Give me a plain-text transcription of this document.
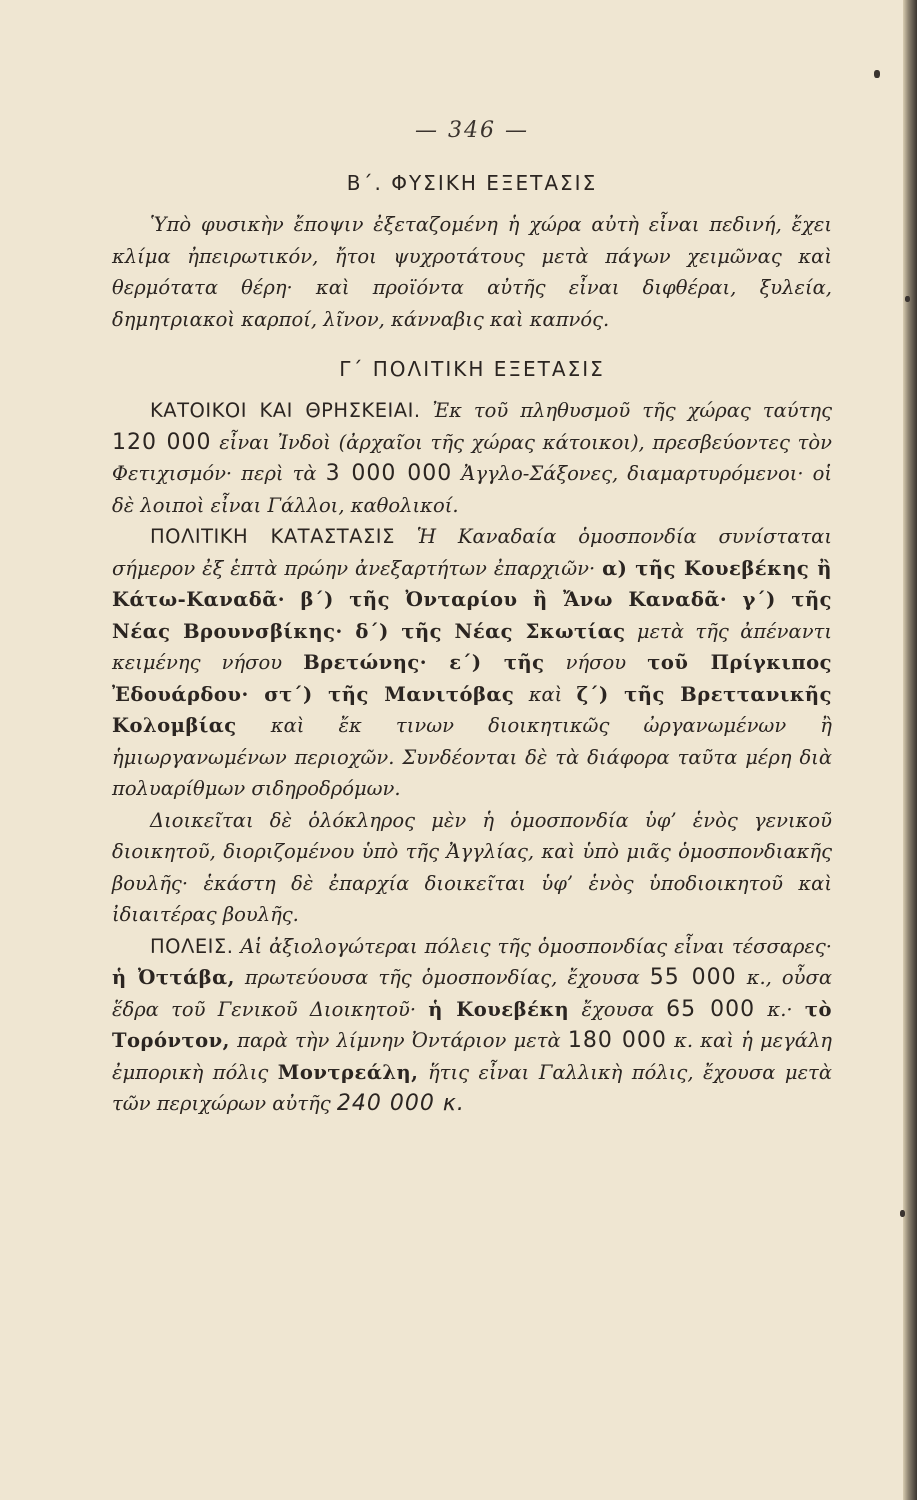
— 346 —
Β΄. ΦΥΣΙΚΗ ΕΞΕΤΑΣΙΣ

Ὑπὸ φυσικὴν ἔποψιν ἐξεταζομένη ἡ χώρα αὐτὴ εἶναι πεδινή, ἔχει κλίμα ἠπειρωτικόν, ἤτοι ψυχροτάτους μετὰ πάγων χειμῶνας καὶ θερμότατα θέρη· καὶ προϊόντα αὐτῆς εἶναι διφθέραι, ξυλεία, δημητριακοὶ καρποί, λῖνον, κάνναβις καὶ καπνός.

Γ΄ ΠΟΛΙΤΙΚΗ ΕΞΕΤΑΣΙΣ

ΚΑΤΟΙΚΟΙ ΚΑΙ ΘΡΗΣΚΕΙΑΙ. Ἐκ τοῦ πληθυσμοῦ τῆς χώρας ταύτης 120 000 εἶναι Ἰνδοὶ (ἀρχαῖοι τῆς χώρας κάτοικοι), πρεσβεύοντες τὸν Φετιχισμόν· περὶ τὰ 3 000 000 Ἀγγλο-Σάξονες, διαμαρτυρόμενοι· οἱ δὲ λοιποὶ εἶναι Γάλλοι, καθολικοί.

ΠΟΛΙΤΙΚΗ ΚΑΤΑΣΤΑΣΙΣ Ἡ Καναδαία ὁμοσπονδία συνίσταται σήμερον ἐξ ἑπτὰ πρώην ἀνεξαρτήτων ἐπαρχιῶν· α) τῆς Κουεβέκης ἢ Κάτω-Καναδᾶ· β΄) τῆς Ὀνταρίου ἢ Ἄνω Καναδᾶ· γ΄) τῆς Νέας Βρουνσβίκης· δ΄) τῆς Νέας Σκωτίας μετὰ τῆς ἀπέναντι κειμένης νήσου Βρετώνης· ε΄) τῆς νήσου τοῦ Πρίγκιπος Ἐδουάρδου· στ΄) τῆς Μανιτόβας καὶ ζ΄) τῆς Βρεττανικῆς Κολομβίας καὶ ἔκ τινων διοικητικῶς ὠργανωμένων ἢ ἡμιωργανωμένων περιοχῶν. Συνδέονται δὲ τὰ διάφορα ταῦτα μέρη διὰ πολυαρίθμων σιδηροδρόμων.

Διοικεῖται δὲ ὁλόκληρος μὲν ἡ ὁμοσπονδία ὑφ’ ἑνὸς γενικοῦ διοικητοῦ, διοριζομένου ὑπὸ τῆς Ἀγγλίας, καὶ ὑπὸ μιᾶς ὁμοσπονδιακῆς βουλῆς· ἑκάστη δὲ ἐπαρχία διοικεῖται ὑφ’ ἑνὸς ὑποδιοικητοῦ καὶ ἰδιαιτέρας βουλῆς.

ΠΟΛΕΙΣ. Αἱ ἀξιολογώτεραι πόλεις τῆς ὁμοσπονδίας εἶναι τέσσαρες· ἡ Ὀττάβα, πρωτεύουσα τῆς ὁμοσπονδίας, ἔχουσα 55 000 κ., οὖσα ἕδρα τοῦ Γενικοῦ Διοικητοῦ· ἡ Κουεβέκη ἔχουσα 65 000 κ.· τὸ Τορόντον, παρὰ τὴν λίμνην Ὀντάριον μετὰ 180 000 κ. καὶ ἡ μεγάλη ἐμπορικὴ πόλις Μοντρεάλη, ἥτις εἶναι Γαλλικὴ πόλις, ἔχουσα μετὰ τῶν περιχώρων αὐτῆς 240 000 κ.
